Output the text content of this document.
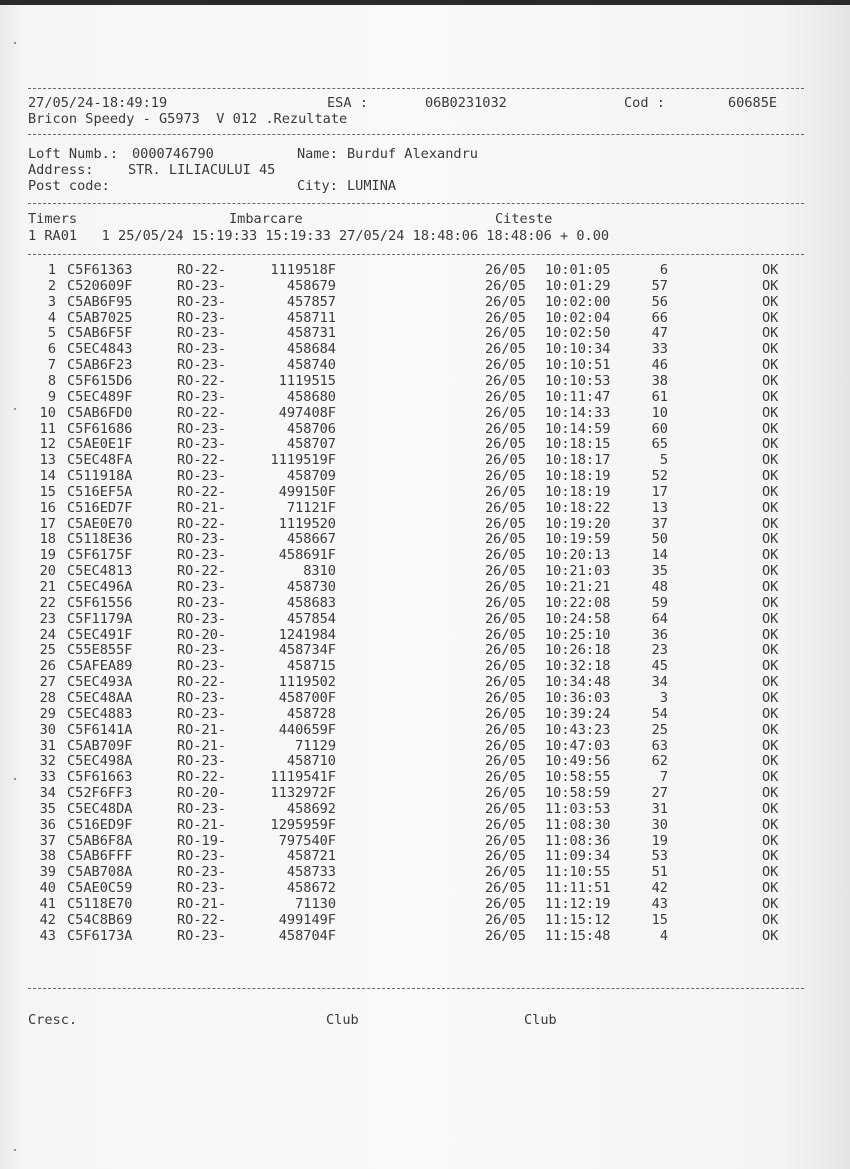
27/05/24-18:49:19	ESA :	06B0231032	Cod :	60685E
Bricon Speedy - G5973  V 012 .Rezultate
Loft Numb.: 0000746790	Name: Burduf Alexandru
Address:	STR. LILIACULUI 45
Post code:	City: LUMINA
Timers	Imbarcare	Citeste
1 RA01   1 25/05/24 15:19:33 15:19:33 27/05/24 18:48:06 18:48:06 + 0.00
1 C5F61363	RO-22-	1119518F	26/05 10:01:05	6	OK
2 C520609F	RO-23-	458679	26/05 10:01:29	57	OK
3 C5AB6F95	RO-23-	457857	26/05 10:02:00	56	OK
4 C5AB7025	RO-23-	458711	26/05 10:02:04	66	OK
5 C5AB6F5F	RO-23-	458731	26/05 10:02:50	47	OK
6 C5EC4843	RO-23-	458684	26/05 10:10:34	33	OK
7 C5AB6F23	RO-23-	458740	26/05 10:10:51	46	OK
8 C5F615D6	RO-22-	1119515	26/05 10:10:53	38	OK
9 C5EC489F	RO-23-	458680	26/05 10:11:47	61	OK
10 C5AB6FD0	RO-22-	497408F	26/05 10:14:33	10	OK
11 C5F61686	RO-23-	458706	26/05 10:14:59	60	OK
12 C5AE0E1F	RO-23-	458707	26/05 10:18:15	65	OK
13 C5EC48FA	RO-22-	1119519F	26/05 10:18:17	5	OK
14 C511918A	RO-23-	458709	26/05 10:18:19	52	OK
15 C516EF5A	RO-22-	499150F	26/05 10:18:19	17	OK
16 C516ED7F	RO-21-	71121F	26/05 10:18:22	13	OK
17 C5AE0E70	RO-22-	1119520	26/05 10:19:20	37	OK
18 C5118E36	RO-23-	458667	26/05 10:19:59	50	OK
19 C5F6175F	RO-23-	458691F	26/05 10:20:13	14	OK
20 C5EC4813	RO-22-	8310	26/05 10:21:03	35	OK
21 C5EC496A	RO-23-	458730	26/05 10:21:21	48	OK
22 C5F61556	RO-23-	458683	26/05 10:22:08	59	OK
23 C5F1179A	RO-23-	457854	26/05 10:24:58	64	OK
24 C5EC491F	RO-20-	1241984	26/05 10:25:10	36	OK
25 C55E855F	RO-23-	458734F	26/05 10:26:18	23	OK
26 C5AFEA89	RO-23-	458715	26/05 10:32:18	45	OK
27 C5EC493A	RO-22-	1119502	26/05 10:34:48	34	OK
28 C5EC48AA	RO-23-	458700F	26/05 10:36:03	3	OK
29 C5EC4883	RO-23-	458728	26/05 10:39:24	54	OK
30 C5F6141A	RO-21-	440659F	26/05 10:43:23	25	OK
31 C5AB709F	RO-21-	71129	26/05 10:47:03	63	OK
32 C5EC498A	RO-23-	458710	26/05 10:49:56	62	OK
33 C5F61663	RO-22-	1119541F	26/05 10:58:55	7	OK
34 C52F6FF3	RO-20-	1132972F	26/05 10:58:59	27	OK
35 C5EC48DA	RO-23-	458692	26/05 11:03:53	31	OK
36 C516ED9F	RO-21-	1295959F	26/05 11:08:30	30	OK
37 C5AB6F8A	RO-19-	797540F	26/05 11:08:36	19	OK
38 C5AB6FFF	RO-23-	458721	26/05 11:09:34	53	OK
39 C5AB708A	RO-23-	458733	26/05 11:10:55	51	OK
40 C5AE0C59	RO-23-	458672	26/05 11:11:51	42	OK
41 C5118E70	RO-21-	71130	26/05 11:12:19	43	OK
42 C54C8B69	RO-22-	499149F	26/05 11:15:12	15	OK
43 C5F6173A	RO-23-	458704F	26/05 11:15:48	4	OK
Cresc.	Club	Club
